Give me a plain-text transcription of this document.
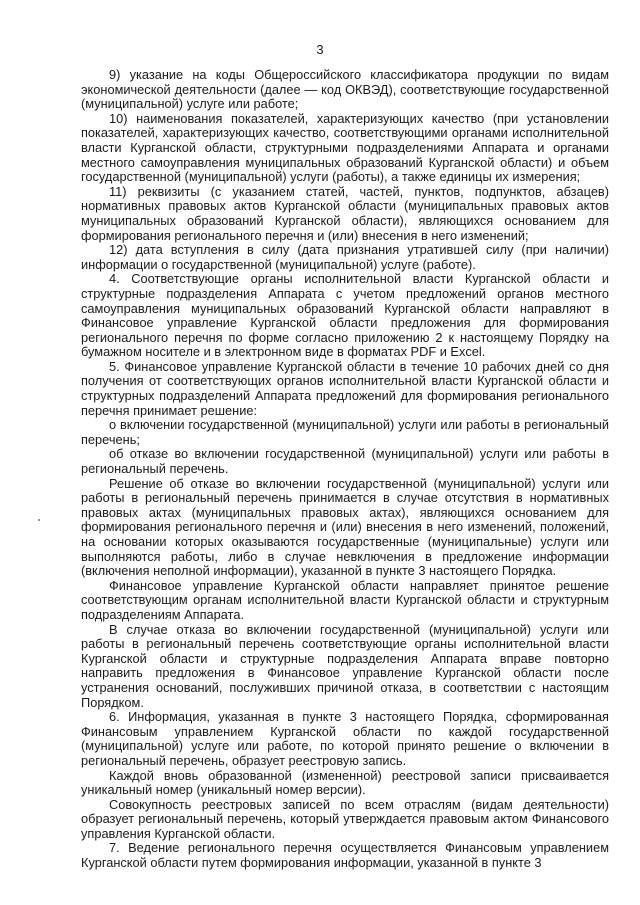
3

9) указание на коды Общероссийского классификатора продукции по видам экономической деятельности (далее — код ОКВЭД), соответствующие государственной (муниципальной) услуге или работе;

10) наименования показателей, характеризующих качество (при установлении показателей, характеризующих качество, соответствующими органами исполнительной власти Курганской области, структурными подразделениями Аппарата и органами местного самоуправления муниципальных образований Курганской области) и объем государственной (муниципальной) услуги (работы), а также единицы их измерения;

11) реквизиты (с указанием статей, частей, пунктов, подпунктов, абзацев) нормативных правовых актов Курганской области (муниципальных правовых актов муниципальных образований Курганской области), являющихся основанием для формирования регионального перечня и (или) внесения в него изменений;

12) дата вступления в силу (дата признания утратившей силу (при наличии) информации о государственной (муниципальной) услуге (работе).

4. Соответствующие органы исполнительной власти Курганской области и структурные подразделения Аппарата с учетом предложений органов местного самоуправления муниципальных образований Курганской области направляют в Финансовое управление Курганской области предложения для формирования регионального перечня по форме согласно приложению 2 к настоящему Порядку на бумажном носителе и в электронном виде в форматах PDF и Excel.

5. Финансовое управление Курганской области в течение 10 рабочих дней со дня получения от соответствующих органов исполнительной власти Курганской области и структурных подразделений Аппарата предложений для формирования регионального перечня принимает решение:

о включении государственной (муниципальной) услуги или работы в региональный перечень;

об отказе во включении государственной (муниципальной) услуги или работы в региональный перечень.

Решение об отказе во включении государственной (муниципальной) услуги или работы в региональный перечень принимается в случае отсутствия в нормативных правовых актах (муниципальных правовых актах), являющихся основанием для формирования регионального перечня и (или) внесения в него изменений, положений, на основании которых оказываются государственные (муниципальные) услуги или выполняются работы, либо в случае невключения в предложение информации (включения неполной информации), указанной в пункте 3 настоящего Порядка.

Финансовое управление Курганской области направляет принятое решение соответствующим органам исполнительной власти Курганской области и структурным подразделениям Аппарата.

В случае отказа во включении государственной (муниципальной) услуги или работы в региональный перечень соответствующие органы исполнительной власти Курганской области и структурные подразделения Аппарата вправе повторно направить предложения в Финансовое управление Курганской области после устранения оснований, послуживших причиной отказа, в соответствии с настоящим Порядком.

6. Информация, указанная в пункте 3 настоящего Порядка, сформированная Финансовым управлением Курганской области по каждой государственной (муниципальной) услуге или работе, по которой принято решение о включении в региональный перечень, образует реестровую запись.

Каждой вновь образованной (измененной) реестровой записи присваивается уникальный номер (уникальный номер версии).

Совокупность реестровых записей по всем отраслям (видам деятельности) образует региональный перечень, который утверждается правовым актом Финансового управления Курганской области.

7. Ведение регионального перечня осуществляется Финансовым управлением Курганской области путем формирования информации, указанной в пункте 3
